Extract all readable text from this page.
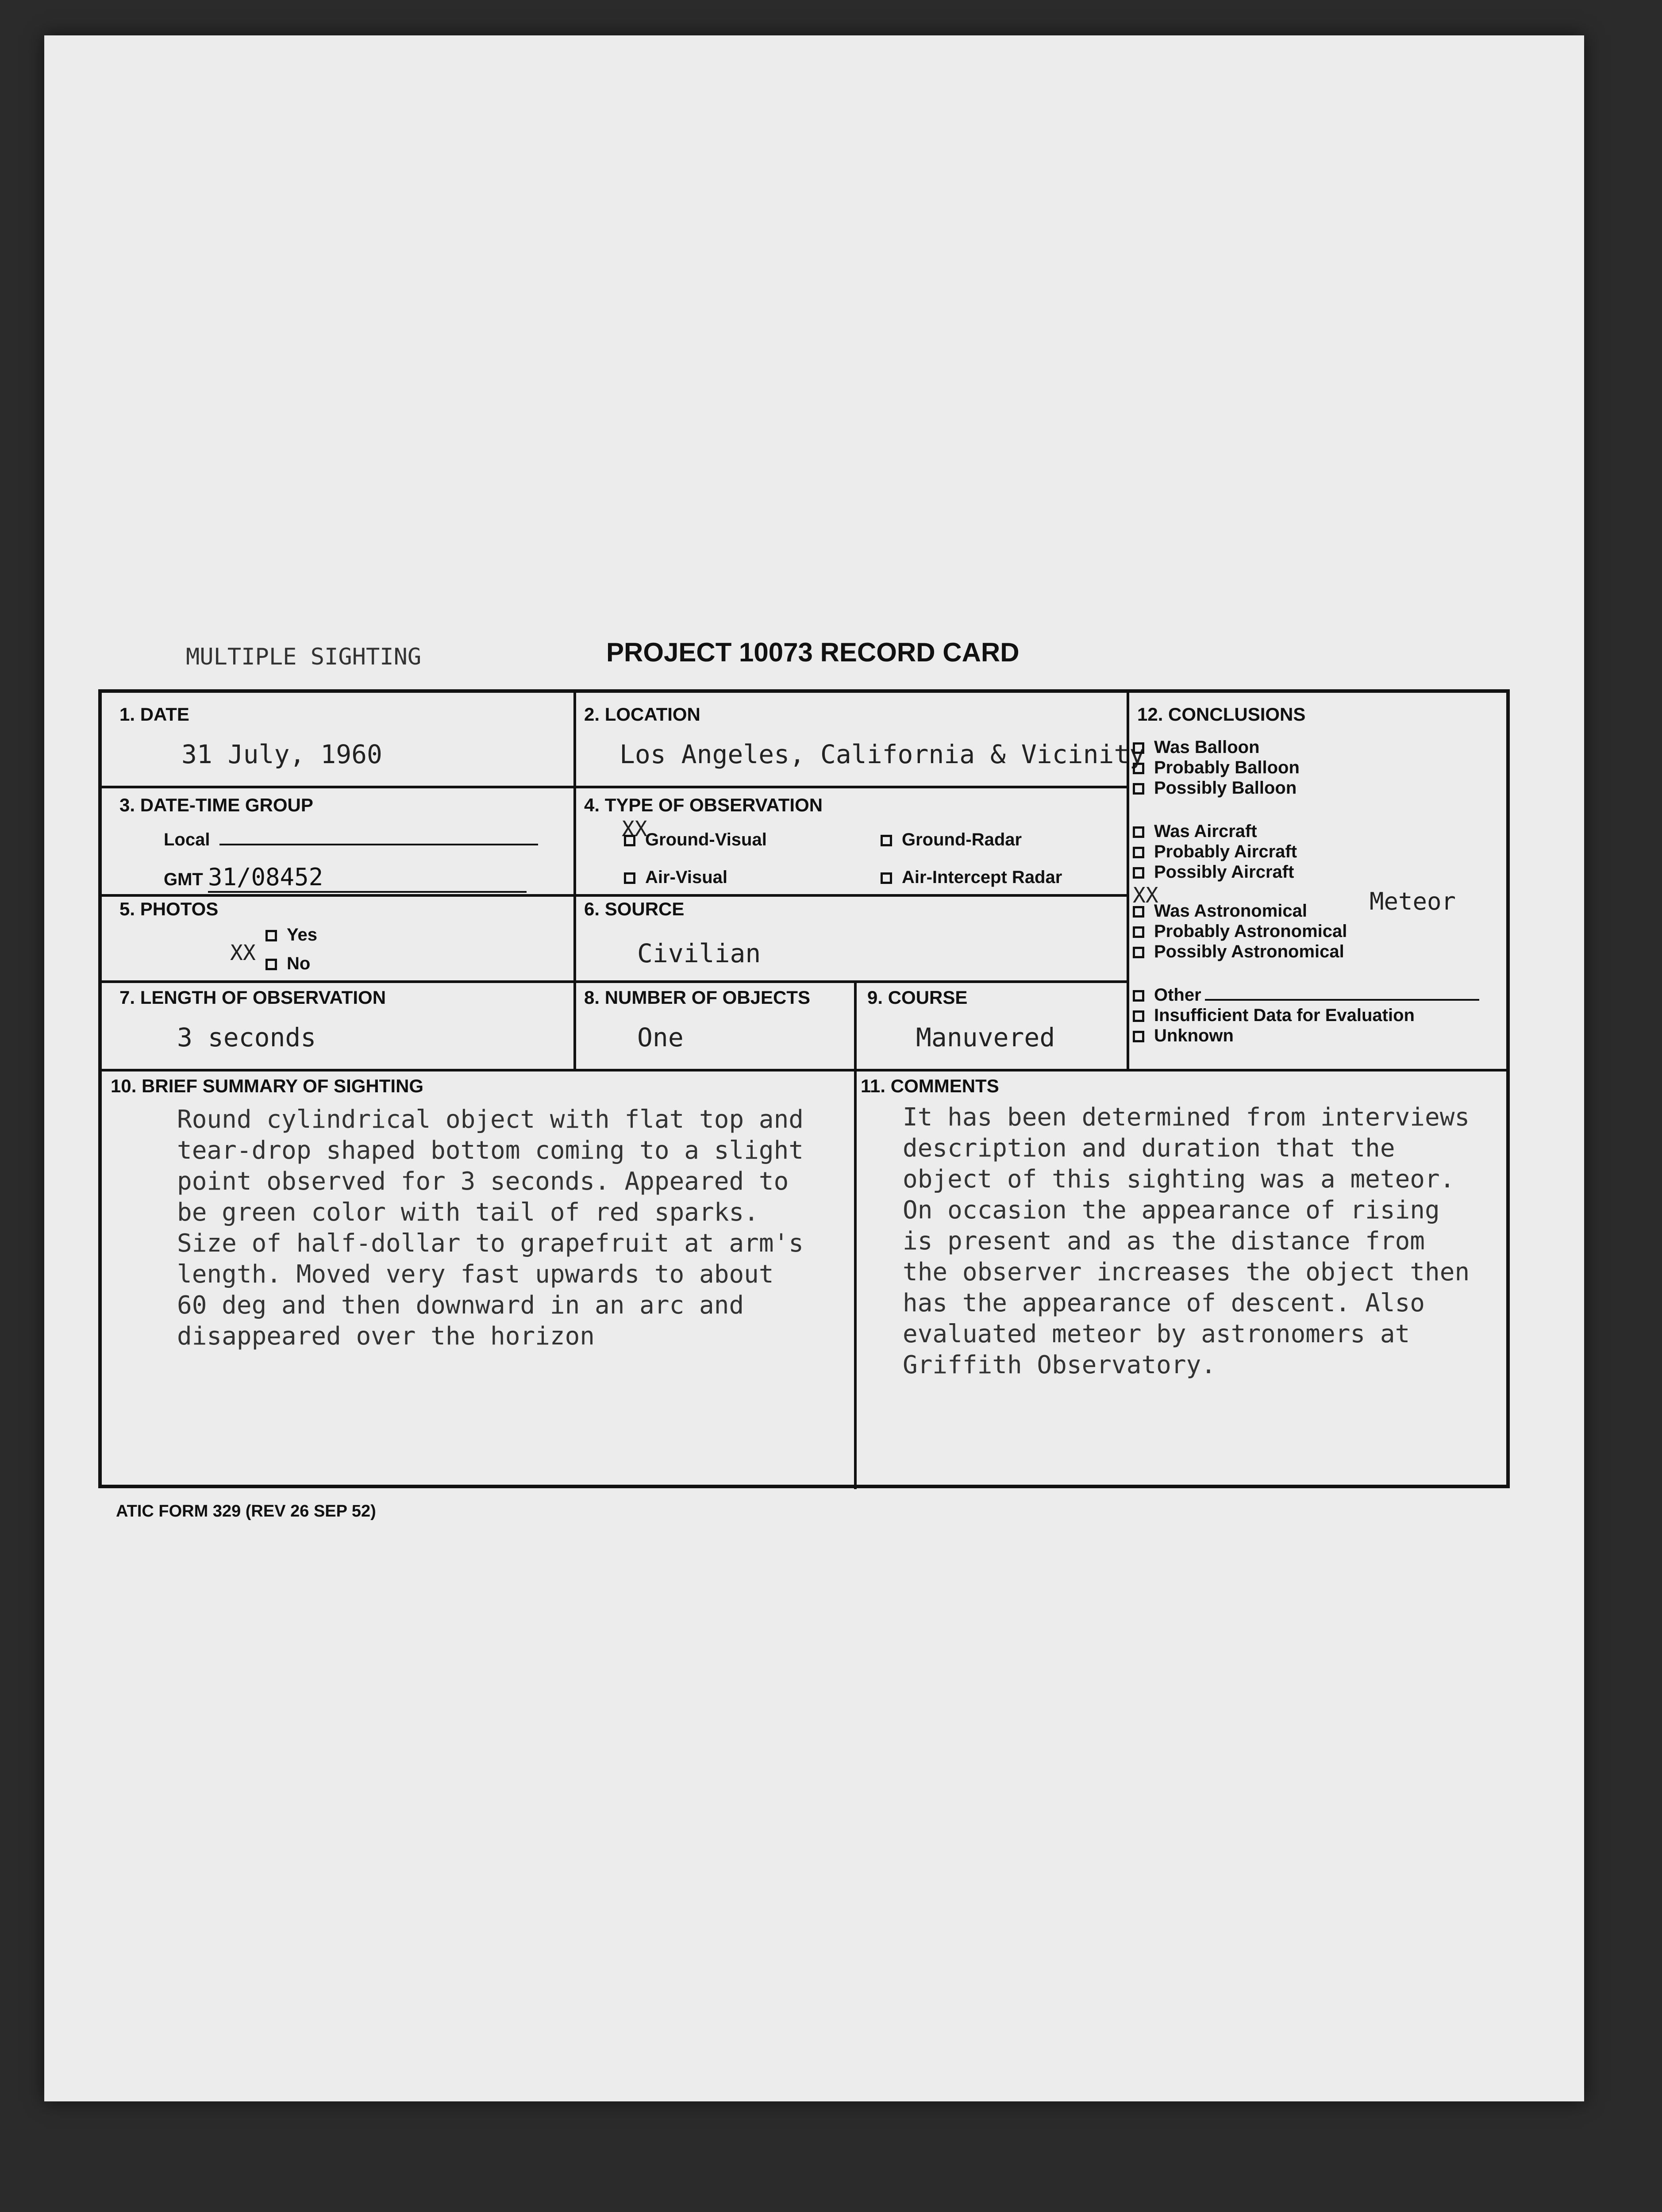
MULTIPLE SIGHTING	PROJECT 10073 RECORD CARD
1. DATE
31 July, 1960
2. LOCATION
Los Angeles, California & Vicinity
3. DATE-TIME GROUP
Local
GMT 31/08452
4. TYPE OF OBSERVATION
XX
Ground-Visual	Ground-Radar
Air-Visual	Air-Intercept Radar
5. PHOTOS
Yes
XX	No
6. SOURCE
Civilian
7. LENGTH OF OBSERVATION
3 seconds
8. NUMBER OF OBJECTS
One
9. COURSE
Manuvered
10. BRIEF SUMMARY OF SIGHTING
Round cylindrical object with flat top and
tear-drop shaped bottom coming to a slight
point observed for 3 seconds. Appeared to
be green color with tail of red sparks.
Size of half-dollar to grapefruit at arm's
length. Moved very fast upwards to about
60 deg and then downward in an arc and
disappeared over the horizon
11. COMMENTS
It has been determined from interviews
description and duration that the
object of this sighting was a meteor.
On occasion the appearance of rising
is present and as the distance from
the observer increases the object then
has the appearance of descent. Also
evaluated meteor by astronomers at
Griffith Observatory.
12. CONCLUSIONS
Was Balloon
Probably Balloon
Possibly Balloon
Was Aircraft
Probably Aircraft
Possibly Aircraft
XX	Meteor
Was Astronomical
Probably Astronomical
Possibly Astronomical
Other
Insufficient Data for Evaluation
Unknown
ATIC FORM 329 (REV 26 SEP 52)
